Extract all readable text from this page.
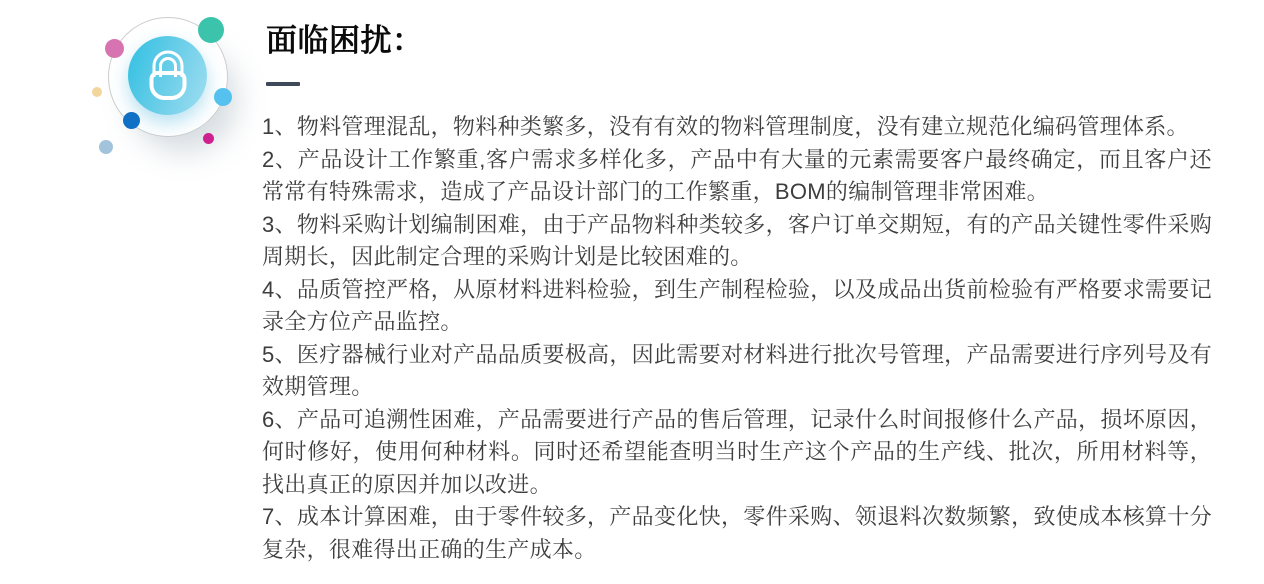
面临困扰：

1、物料管理混乱，物料种类繁多，没有有效的物料管理制度，没有建立规范化编码管理体系。

2、产品设计工作繁重,客户需求多样化多，产品中有大量的元素需要客户最终确定，而且客户还常常有特殊需求，造成了产品设计部门的工作繁重，BOM的编制管理非常困难。

3、物料采购计划编制困难，由于产品物料种类较多，客户订单交期短，有的产品关键性零件采购周期长，因此制定合理的采购计划是比较困难的。

4、品质管控严格，从原材料进料检验，到生产制程检验，以及成品出货前检验有严格要求需要记录全方位产品监控。

5、医疗器械行业对产品品质要极高，因此需要对材料进行批次号管理，产品需要进行序列号及有效期管理。

6、产品可追溯性困难，产品需要进行产品的售后管理，记录什么时间报修什么产品，损坏原因，何时修好，使用何种材料。同时还希望能查明当时生产这个产品的生产线、批次，所用材料等，找出真正的原因并加以改进。

7、成本计算困难，由于零件较多，产品变化快，零件采购、领退料次数频繁，致使成本核算十分复杂，很难得出正确的生产成本。
